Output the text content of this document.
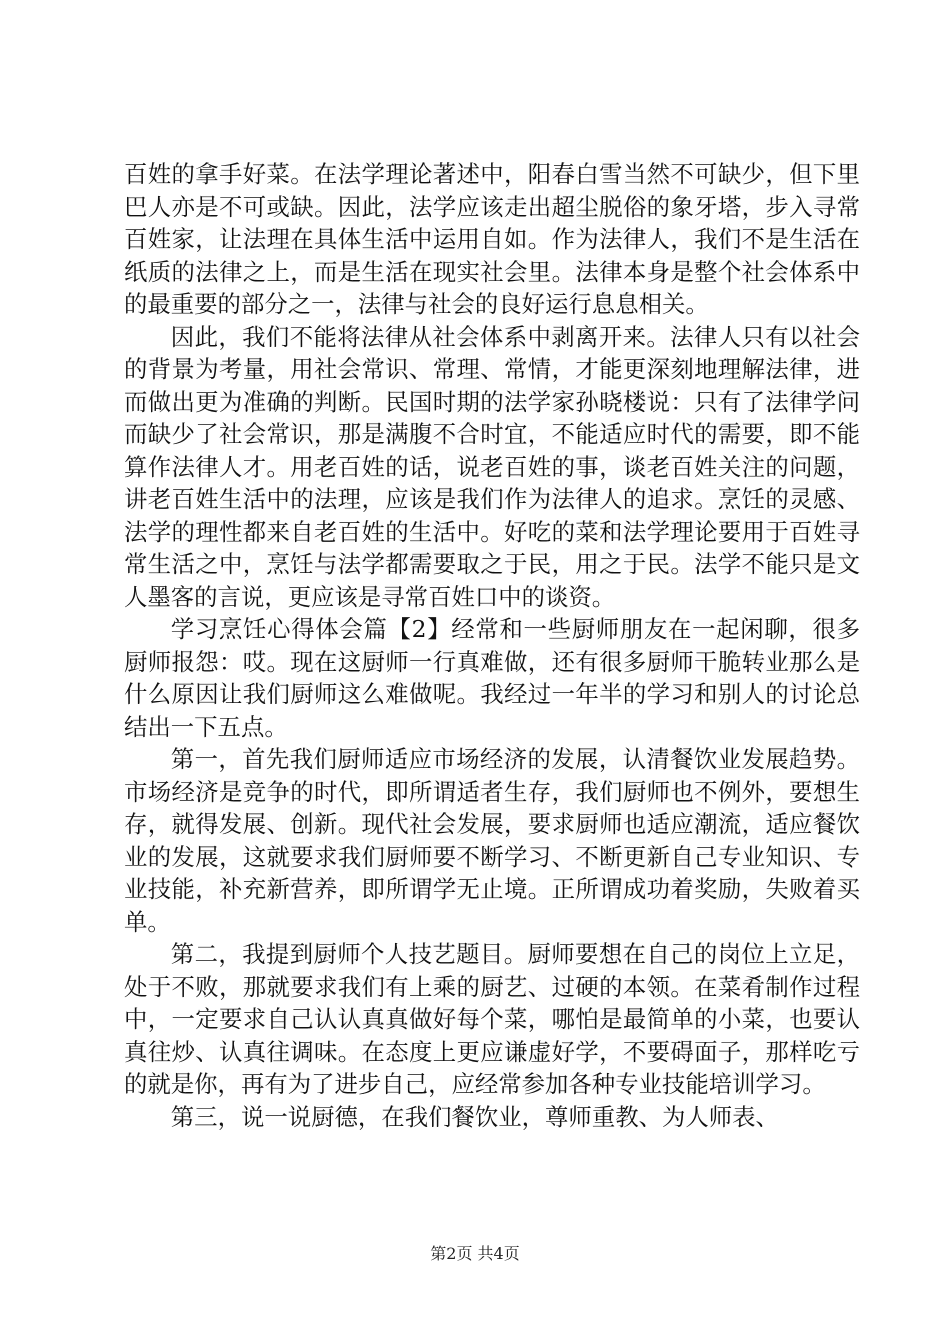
百姓的拿手好菜。在法学理论著述中，阳春白雪当然不可缺少，但下里巴人亦是不可或缺。因此，法学应该走出超尘脱俗的象牙塔，步入寻常百姓家，让法理在具体生活中运用自如。作为法律人，我们不是生活在纸质的法律之上，而是生活在现实社会里。法律本身是整个社会体系中的最重要的部分之一，法律与社会的良好运行息息相关。

因此，我们不能将法律从社会体系中剥离开来。法律人只有以社会的背景为考量，用社会常识、常理、常情，才能更深刻地理解法律，进而做出更为准确的判断。民国时期的法学家孙晓楼说：只有了法律学问而缺少了社会常识，那是满腹不合时宜，不能适应时代的需要，即不能算作法律人才。用老百姓的话，说老百姓的事，谈老百姓关注的问题，讲老百姓生活中的法理，应该是我们作为法律人的追求。烹饪的灵感、法学的理性都来自老百姓的生活中。好吃的菜和法学理论要用于百姓寻常生活之中，烹饪与法学都需要取之于民，用之于民。法学不能只是文人墨客的言说，更应该是寻常百姓口中的谈资。

学习烹饪心得体会篇【2】经常和一些厨师朋友在一起闲聊，很多厨师报怨：哎。现在这厨师一行真难做，还有很多厨师干脆转业那么是什么原因让我们厨师这么难做呢。我经过一年半的学习和别人的讨论总结出一下五点。

第一，首先我们厨师适应市场经济的发展，认清餐饮业发展趋势。市场经济是竞争的时代，即所谓适者生存，我们厨师也不例外，要想生存，就得发展、创新。现代社会发展，要求厨师也适应潮流，适应餐饮业的发展，这就要求我们厨师要不断学习、不断更新自己专业知识、专业技能，补充新营养，即所谓学无止境。正所谓成功着奖励，失败着买单。

第二，我提到厨师个人技艺题目。厨师要想在自己的岗位上立足，处于不败，那就要求我们有上乘的厨艺、过硬的本领。在菜肴制作过程中，一定要求自己认认真真做好每个菜，哪怕是最简单的小菜，也要认真往炒、认真往调味。在态度上更应谦虚好学，不要碍面子，那样吃亏的就是你，再有为了进步自己，应经常参加各种专业技能培训学习。

第三，说一说厨德，在我们餐饮业，尊师重教、为人师表、

第2页 共4页
